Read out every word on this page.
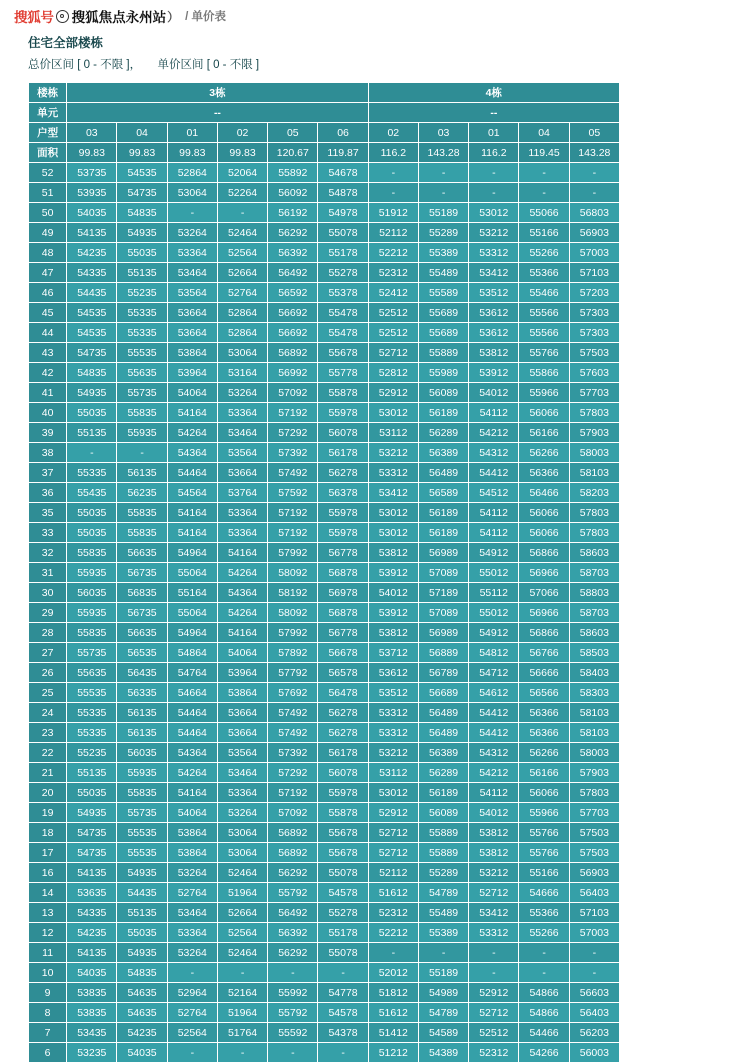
搜狐号 搜狐焦点永州站 ） / 单价表
住宅全部楼栋
总价区间 [ 0 - 不限 ]， 单价区间 [ 0 - 不限 ]
楼栋	3栋						4栋				
单元	--						--				
户型	03	04	01	02	05	06	02	03	01	04	05
面积	99.83	99.83	99.83	99.83	120.67	119.87	116.2	143.28	116.2	119.45	143.28
52	53735	54535	52864	52064	55892	54678	-	-	-	-	-
51	53935	54735	53064	52264	56092	54878	-	-	-	-	-
50	54035	54835	-	-	56192	54978	51912	55189	53012	55066	56803
49	54135	54935	53264	52464	56292	55078	52112	55289	53212	55166	56903
48	54235	55035	53364	52564	56392	55178	52212	55389	53312	55266	57003
47	54335	55135	53464	52664	56492	55278	52312	55489	53412	55366	57103
46	54435	55235	53564	52764	56592	55378	52412	55589	53512	55466	57203
45	54535	55335	53664	52864	56692	55478	52512	55689	53612	55566	57303
44	54535	55335	53664	52864	56692	55478	52512	55689	53612	55566	57303
43	54735	55535	53864	53064	56892	55678	52712	55889	53812	55766	57503
42	54835	55635	53964	53164	56992	55778	52812	55989	53912	55866	57603
41	54935	55735	54064	53264	57092	55878	52912	56089	54012	55966	57703
40	55035	55835	54164	53364	57192	55978	53012	56189	54112	56066	57803
39	55135	55935	54264	53464	57292	56078	53112	56289	54212	56166	57903
38	-	-	54364	53564	57392	56178	53212	56389	54312	56266	58003
37	55335	56135	54464	53664	57492	56278	53312	56489	54412	56366	58103
36	55435	56235	54564	53764	57592	56378	53412	56589	54512	56466	58203
35	55035	55835	54164	53364	57192	55978	53012	56189	54112	56066	57803
33	55035	55835	54164	53364	57192	55978	53012	56189	54112	56066	57803
32	55835	56635	54964	54164	57992	56778	53812	56989	54912	56866	58603
31	55935	56735	55064	54264	58092	56878	53912	57089	55012	56966	58703
30	56035	56835	55164	54364	58192	56978	54012	57189	55112	57066	58803
29	55935	56735	55064	54264	58092	56878	53912	57089	55012	56966	58703
28	55835	56635	54964	54164	57992	56778	53812	56989	54912	56866	58603
27	55735	56535	54864	54064	57892	56678	53712	56889	54812	56766	58503
26	55635	56435	54764	53964	57792	56578	53612	56789	54712	56666	58403
25	55535	56335	54664	53864	57692	56478	53512	56689	54612	56566	58303
24	55335	56135	54464	53664	57492	56278	53312	56489	54412	56366	58103
23	55335	56135	54464	53664	57492	56278	53312	56489	54412	56366	58103
22	55235	56035	54364	53564	57392	56178	53212	56389	54312	56266	58003
21	55135	55935	54264	53464	57292	56078	53112	56289	54212	56166	57903
20	55035	55835	54164	53364	57192	55978	53012	56189	54112	56066	57803
19	54935	55735	54064	53264	57092	55878	52912	56089	54012	55966	57703
18	54735	55535	53864	53064	56892	55678	52712	55889	53812	55766	57503
17	54735	55535	53864	53064	56892	55678	52712	55889	53812	55766	57503
16	54135	54935	53264	52464	56292	55078	52112	55289	53212	55166	56903
14	53635	54435	52764	51964	55792	54578	51612	54789	52712	54666	56403
13	54335	55135	53464	52664	56492	55278	52312	55489	53412	55366	57103
12	54235	55035	53364	52564	56392	55178	52212	55389	53312	55266	57003
11	54135	54935	53264	52464	56292	55078	-	-	-	-	-
10	54035	54835	-	-	-	-	52012	55189	-	-	-
9	53835	54635	52964	52164	55992	54778	51812	54989	52912	54866	56603
8	53835	54635	52764	51964	55792	54578	51612	54789	52712	54866	56403
7	53435	54235	52564	51764	55592	54378	51412	54589	52512	54466	56203
6	53235	54035	-	-	-	-	51212	54389	52312	54266	56003
